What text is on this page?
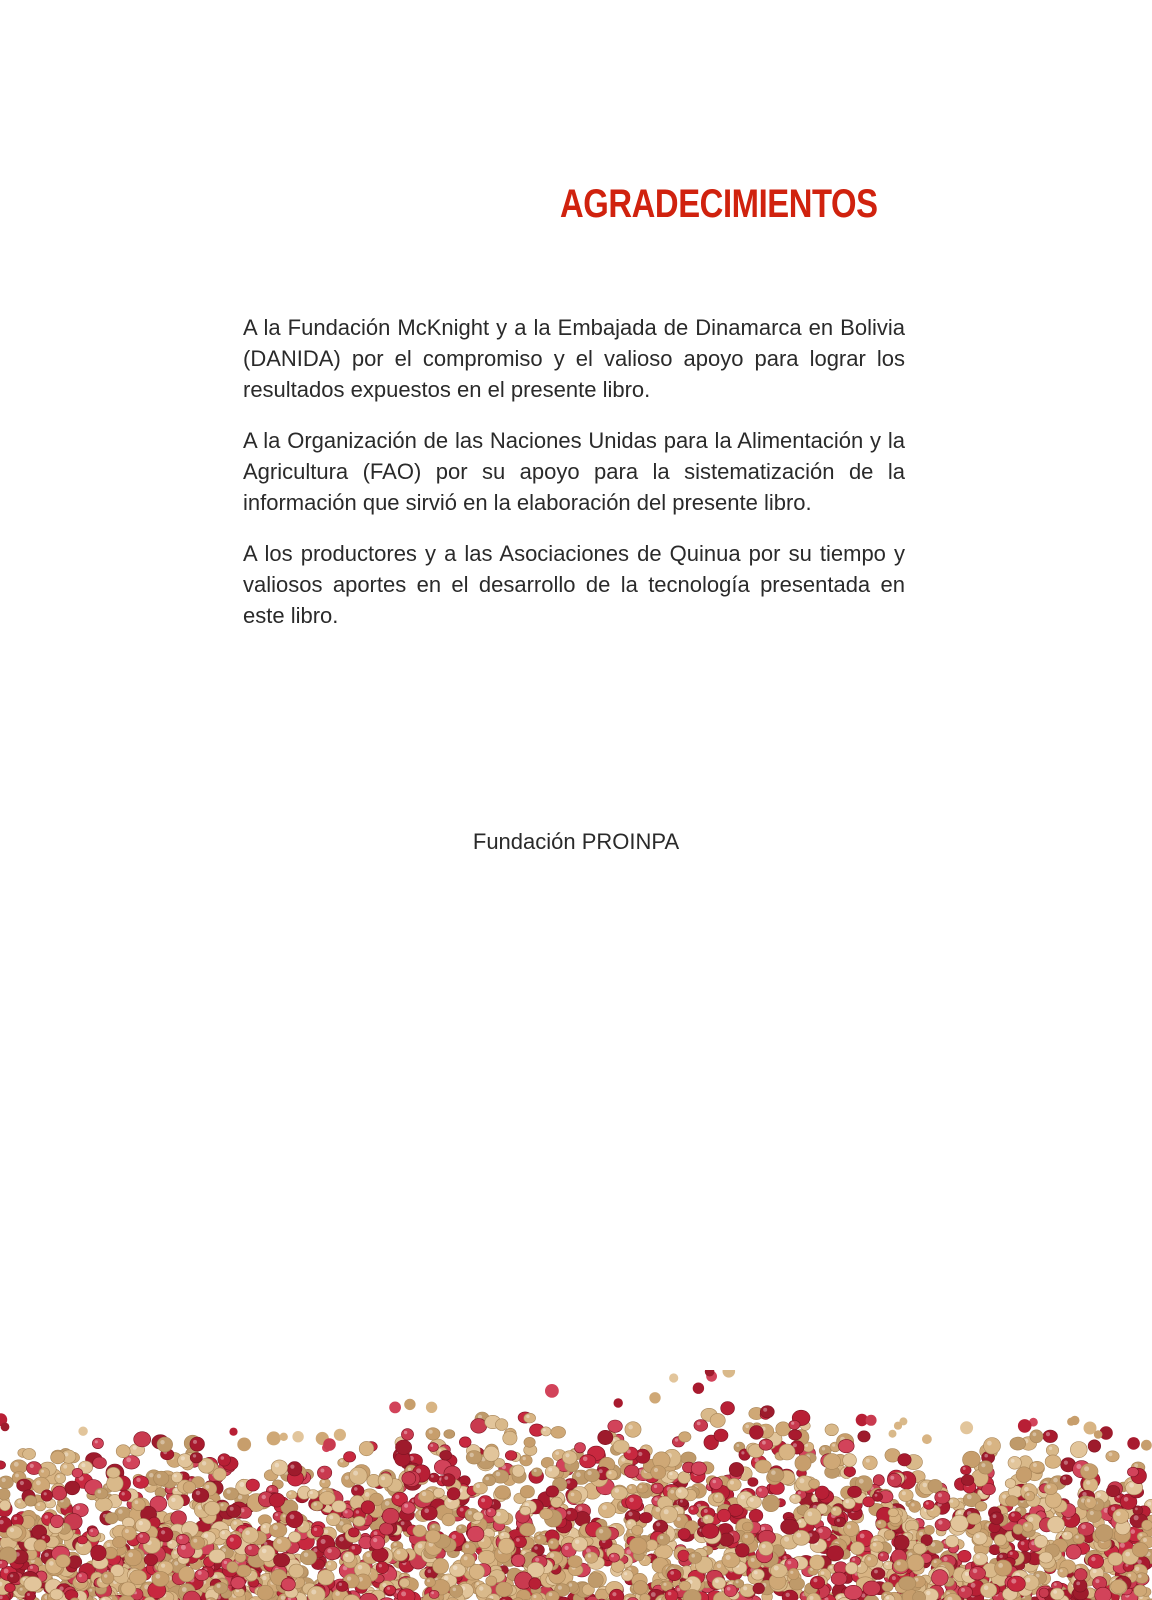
AGRADECIMIENTOS

A la Fundación McKnight y a la Embajada de Dinamarca en Bolivia (DANIDA) por el compromiso y el valioso apoyo para lograr los resultados expuestos en el presente libro.

A la Organización de las Naciones Unidas para la Alimentación y la Agricultura (FAO) por su apoyo para la sistematización de la información que sirvió en la elaboración del presente libro.

A los productores y a las Asociaciones de Quinua por su tiempo y valiosos aportes en el desarrollo de la tecnología presentada en este libro.

Fundación PROINPA
